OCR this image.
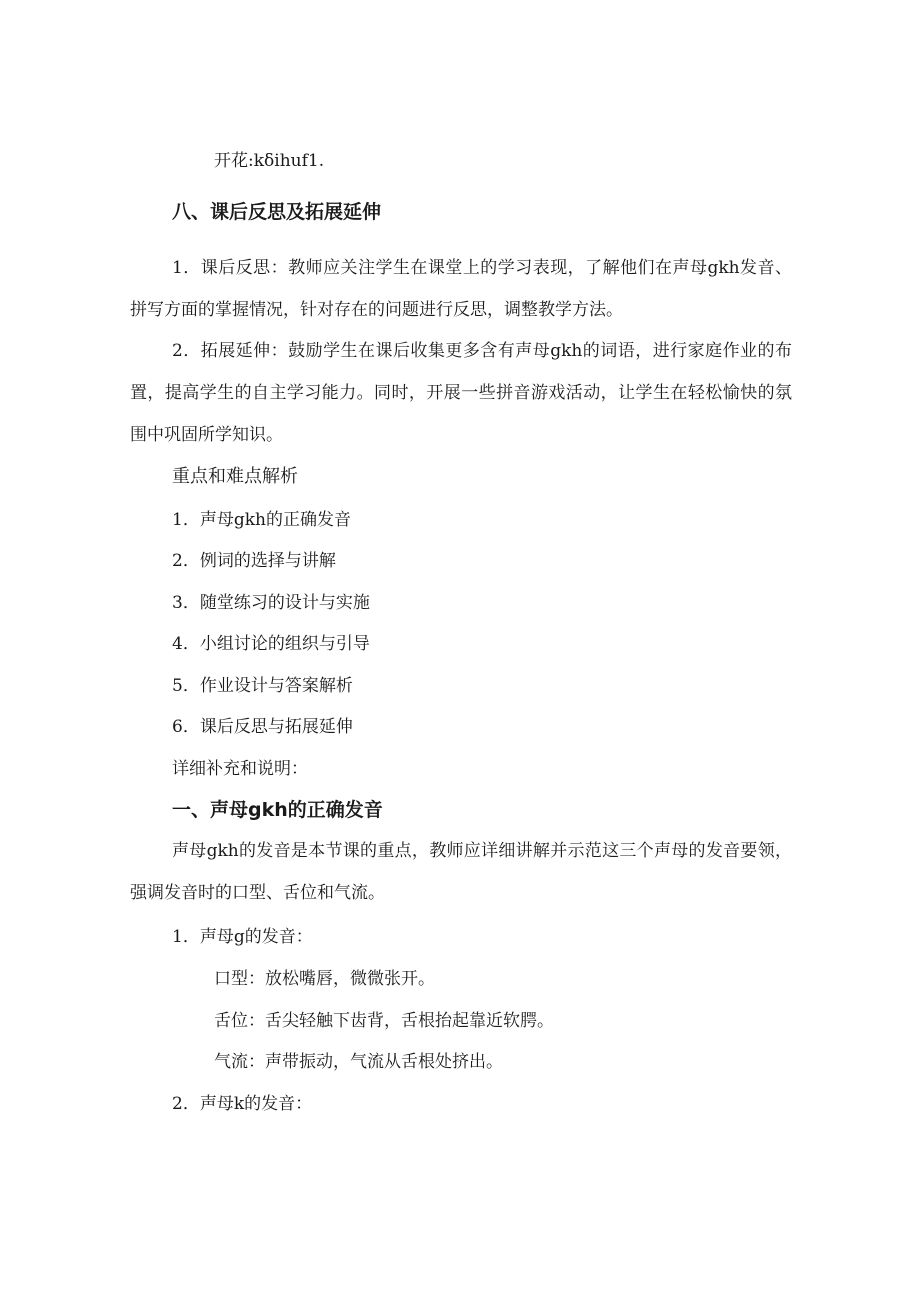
开花:kδihuf1.
八、课后反思及拓展延伸
1．课后反思：教师应关注学生在课堂上的学习表现，了解他们在声母gkh发音、拼写方面的掌握情况，针对存在的问题进行反思，调整教学方法。
2．拓展延伸：鼓励学生在课后收集更多含有声母gkh的词语，进行家庭作业的布置，提高学生的自主学习能力。同时，开展一些拼音游戏活动，让学生在轻松愉快的氛围中巩固所学知识。
重点和难点解析
1．声母gkh的正确发音
2．例词的选择与讲解
3．随堂练习的设计与实施
4．小组讨论的组织与引导
5．作业设计与答案解析
6．课后反思与拓展延伸
详细补充和说明：
一、声母gkh的正确发音
声母gkh的发音是本节课的重点，教师应详细讲解并示范这三个声母的发音要领，强调发音时的口型、舌位和气流。
1．声母g的发音：
口型：放松嘴唇，微微张开。
舌位：舌尖轻触下齿背，舌根抬起靠近软腭。
气流：声带振动，气流从舌根处挤出。
2．声母k的发音：
